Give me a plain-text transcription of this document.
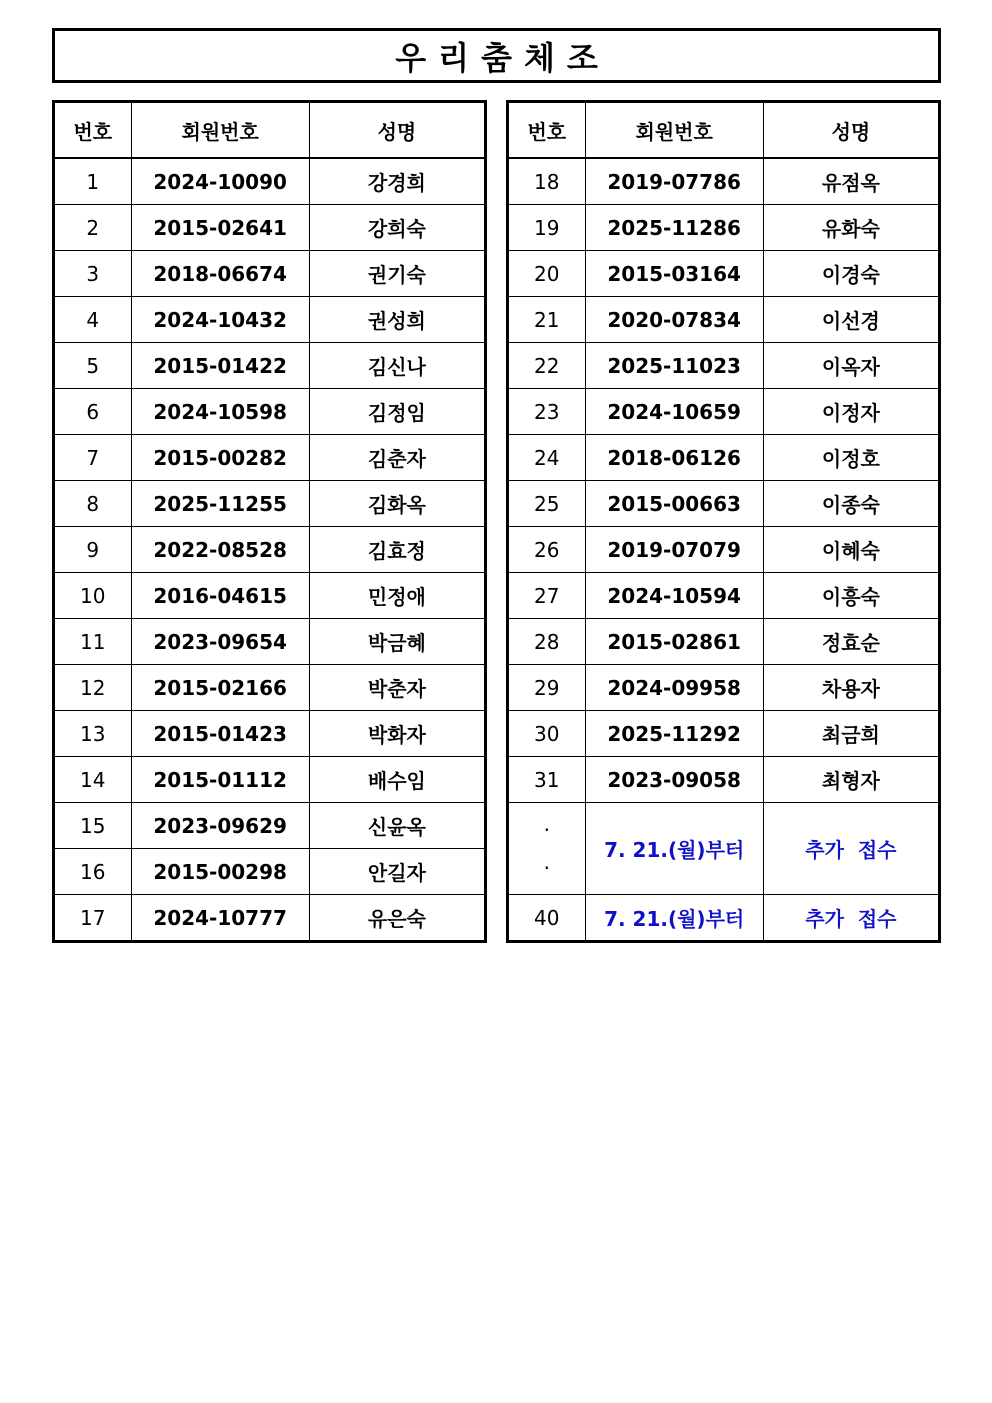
우리춤체조
번호	회원번호	성명
1	2024-10090	강경희
2	2015-02641	강희숙
3	2018-06674	권기숙
4	2024-10432	권성희
5	2015-01422	김신나
6	2024-10598	김정임
7	2015-00282	김춘자
8	2025-11255	김화옥
9	2022-08528	김효정
10	2016-04615	민정애
11	2023-09654	박금혜
12	2015-02166	박춘자
13	2015-01423	박화자
14	2015-01112	배수임
15	2023-09629	신윤옥
16	2015-00298	안길자
17	2024-10777	유은숙
번호	회원번호	성명
18	2019-07786	유점옥
19	2025-11286	유화숙
20	2015-03164	이경숙
21	2020-07834	이선경
22	2025-11023	이옥자
23	2024-10659	이정자
24	2018-06126	이정호
25	2015-00663	이종숙
26	2019-07079	이혜숙
27	2024-10594	이흥숙
28	2015-02861	정효순
29	2024-09958	차용자
30	2025-11292	최금희
31	2023-09058	최형자

·
·	7. 21.(월)부터	추가  접수
40	7. 21.(월)부터	추가  접수
